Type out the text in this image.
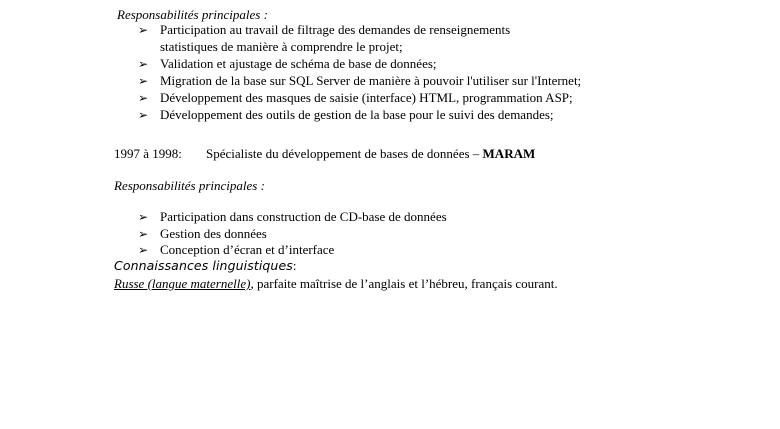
Responsabilités principales :
➢ Participation au travail de filtrage des demandes de renseignements
statistiques de manière à comprendre le projet;
➢ Validation et ajustage de schéma de base de données;
➢ Migration de la base sur SQL Server de manière à pouvoir l'utiliser sur l'Internet;
➢ Développement des masques de saisie (interface) HTML, programmation ASP;
➢ Développement des outils de gestion de la base pour le suivi des demandes;
1997 à 1998: Spécialiste du développement de bases de données – MARAM
Responsabilités principales :
➢ Participation dans construction de CD-base de données
➢ Gestion des données
➢ Conception d’écran et d’interface
Connaissances linguistiques:
Russe (langue maternelle), parfaite maîtrise de l’anglais et l’hébreu, français courant.
